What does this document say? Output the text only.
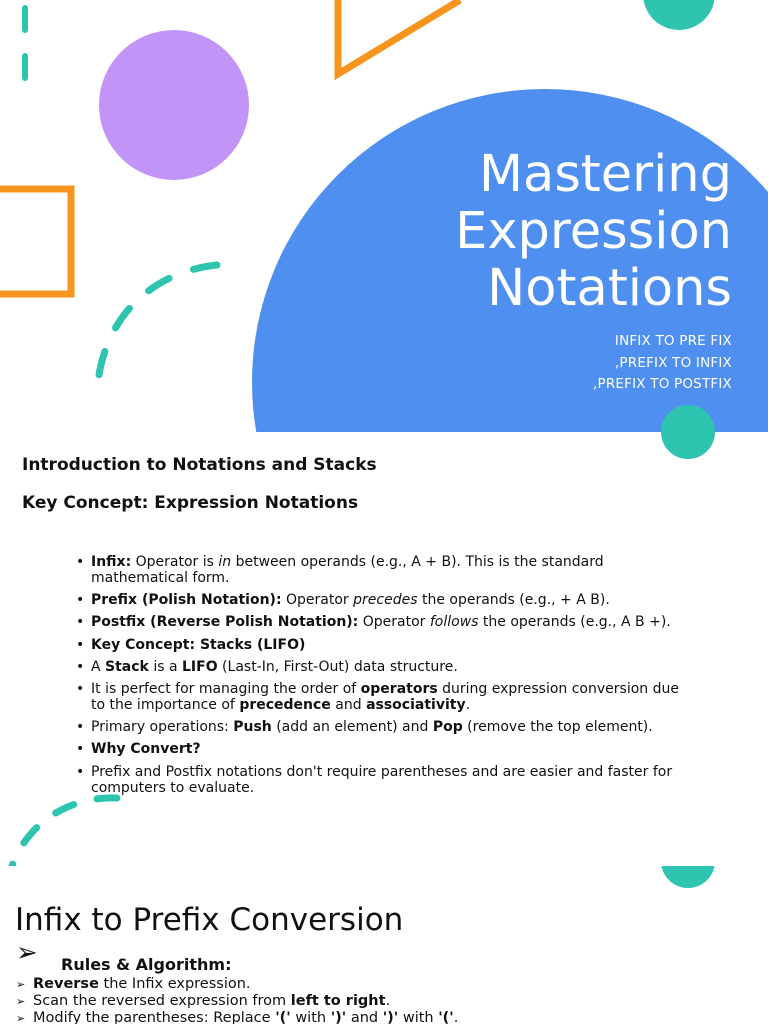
Mastering
Expression
Notations
INFIX TO PRE FIX
,PREFIX TO INFIX
,PREFIX TO POSTFIX
Introduction to Notations and Stacks
Key Concept: Expression Notations
• Infix: Operator is in between operands (e.g., A + B). This is the standard mathematical form.
• Prefix (Polish Notation): Operator precedes the operands (e.g., + A B).
• Postfix (Reverse Polish Notation): Operator follows the operands (e.g., A B +).
• Key Concept: Stacks (LIFO)
• A Stack is a LIFO (Last-In, First-Out) data structure.
• It is perfect for managing the order of operators during expression conversion due to the importance of precedence and associativity.
• Primary operations: Push (add an element) and Pop (remove the top element).
• Why Convert?
• Prefix and Postfix notations don't require parentheses and are easier and faster for computers to evaluate.
Infix to Prefix Conversion
➢ Rules & Algorithm:
➢ Reverse the Infix expression.
➢ Scan the reversed expression from left to right.
➢ Modify the parentheses: Replace '(' with ')' and ')' with '('.
